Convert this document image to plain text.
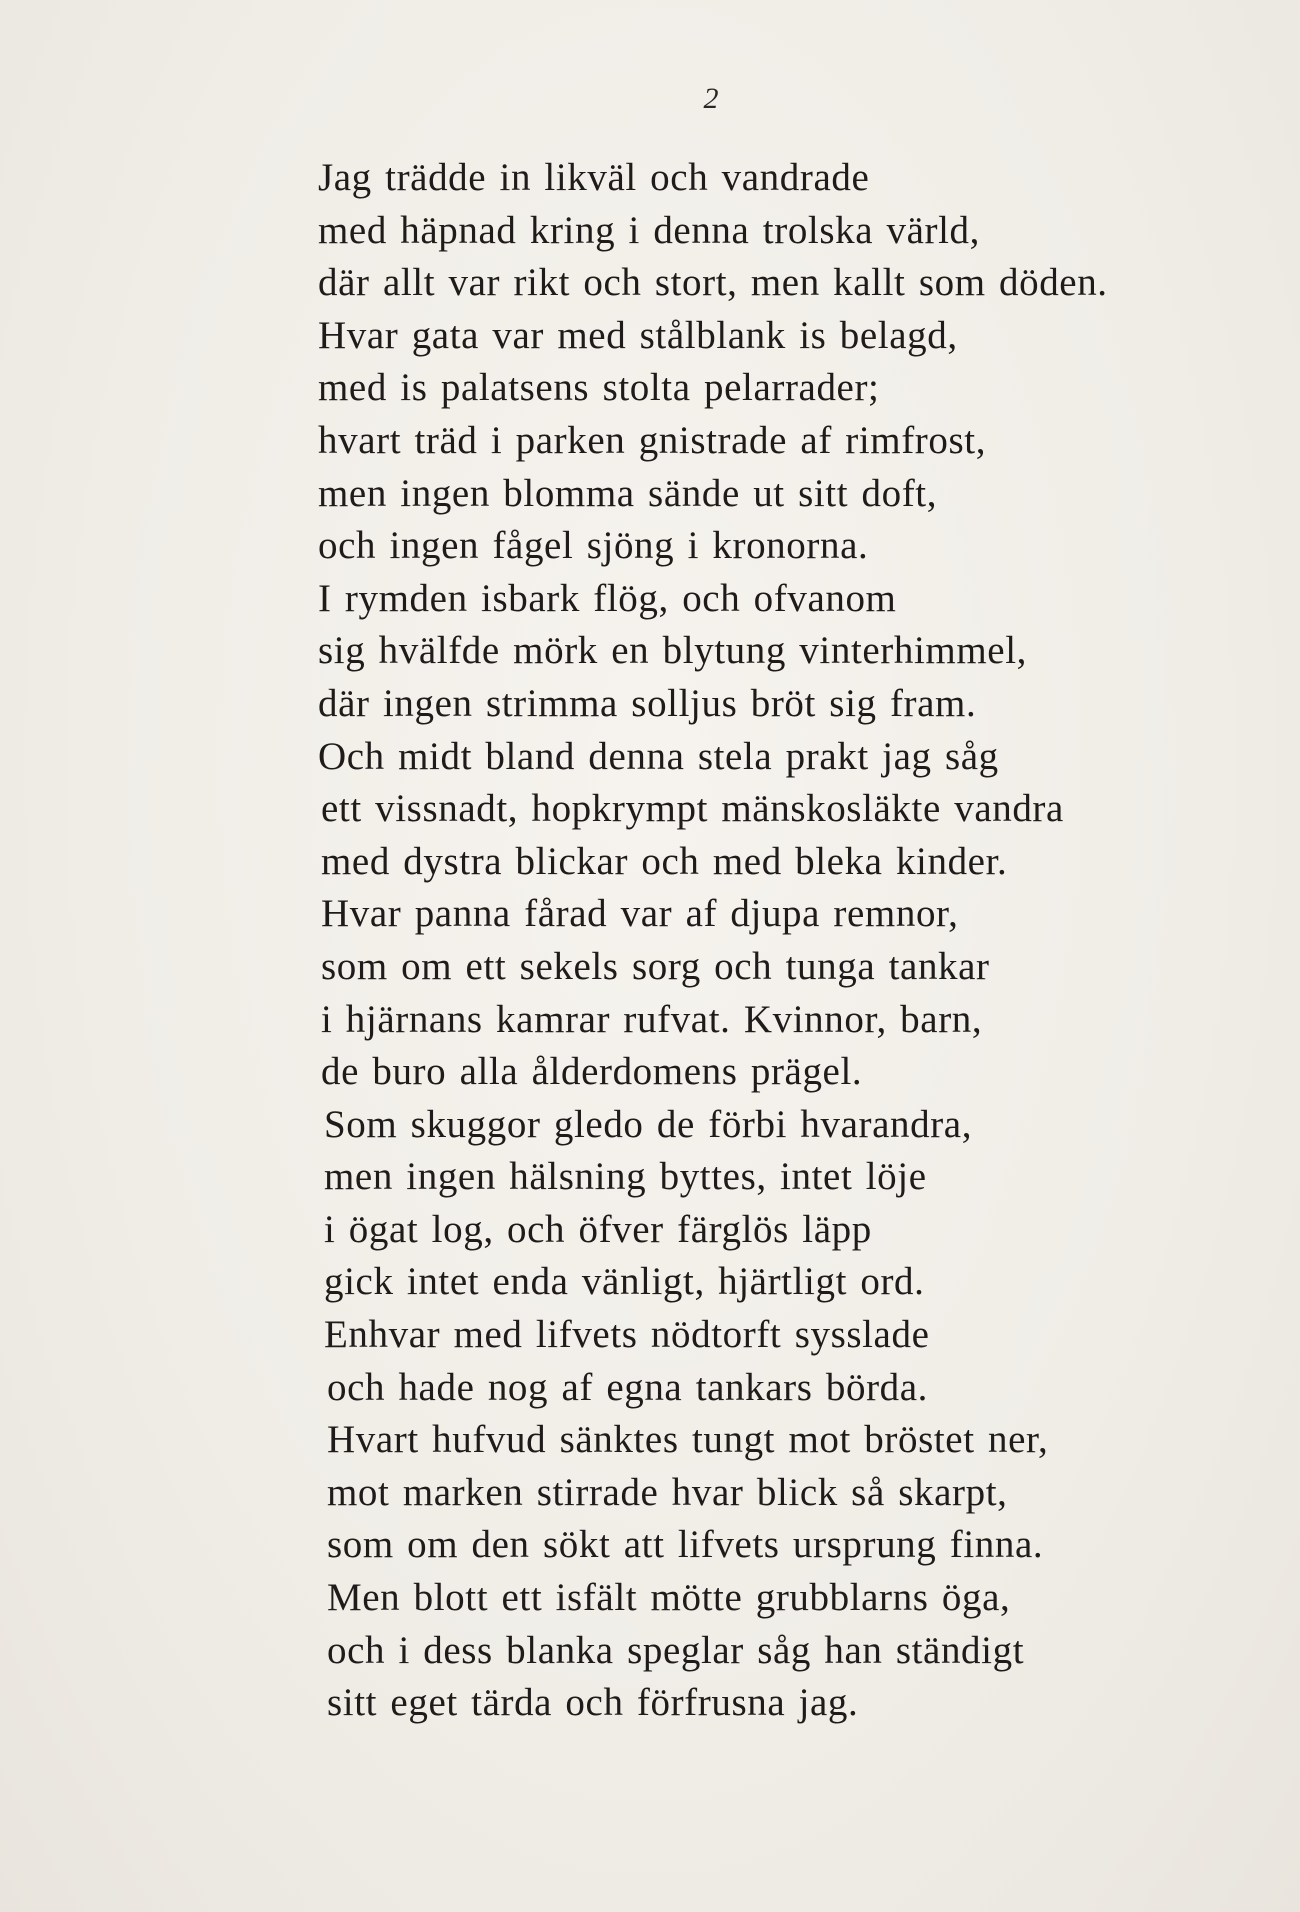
2
Jag trädde in likväl och vandrade
med häpnad kring i denna trolska värld,
där allt var rikt och stort, men kallt som döden.
Hvar gata var med stålblank is belagd,
med is palatsens stolta pelarrader;
hvart träd i parken gnistrade af rimfrost,
men ingen blomma sände ut sitt doft,
och ingen fågel sjöng i kronorna.
I rymden isbark flög, och ofvanom
sig hvälfde mörk en blytung vinterhimmel,
där ingen strimma solljus bröt sig fram.
Och midt bland denna stela prakt jag såg
ett vissnadt, hopkrympt mänskosläkte vandra
med dystra blickar och med bleka kinder.
Hvar panna fårad var af djupa remnor,
som om ett sekels sorg och tunga tankar
i hjärnans kamrar rufvat. Kvinnor, barn,
de buro alla ålderdomens prägel.
Som skuggor gledo de förbi hvarandra,
men ingen hälsning byttes, intet löje
i ögat log, och öfver färglös läpp
gick intet enda vänligt, hjärtligt ord.
Enhvar med lifvets nödtorft sysslade
och hade nog af egna tankars börda.
Hvart hufvud sänktes tungt mot bröstet ner,
mot marken stirrade hvar blick så skarpt,
som om den sökt att lifvets ursprung finna.
Men blott ett isfält mötte grubblarns öga,
och i dess blanka speglar såg han ständigt
sitt eget tärda och förfrusna jag.
